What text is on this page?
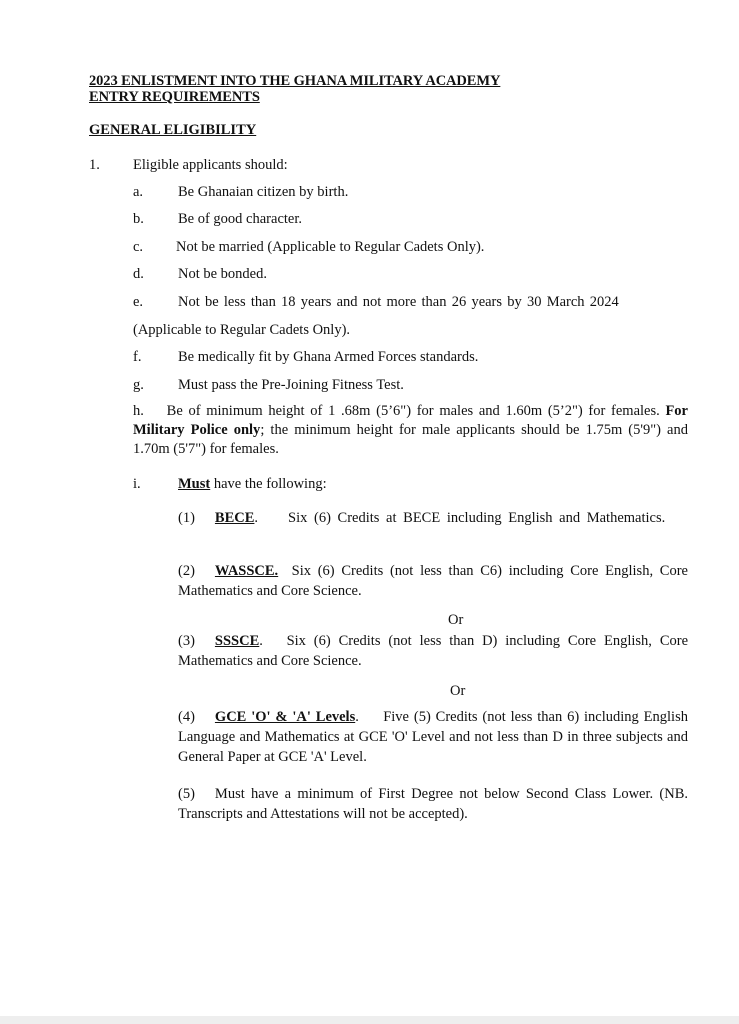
2023 ENLISTMENT INTO THE GHANA MILITARY ACADEMY
ENTRY REQUIREMENTS
GENERAL ELIGIBILITY
1. Eligible applicants should:
a. Be Ghanaian citizen by birth.
b. Be of good character.
c. Not be married (Applicable to Regular Cadets Only).
d. Not be bonded.
e. Not be less than 18 years and not more than 26 years by 30 March 2024
(Applicable to Regular Cadets Only).
f.	Be medically fit by Ghana Armed Forces standards.
g. Must pass the Pre-Joining Fitness Test.
h. Be of minimum height of 1 .68m (5’6") for males and 1.60m (5’2") for females. For Military Police only; the minimum height for male applicants should be 1.75m (5'9") and 1.70m (5'7") for females.
i.	Must have the following:
(1) BECE. Six (6) Credits at BECE including English and Mathematics.
(2) WASSCE. Six (6) Credits (not less than C6) including Core English, Core Mathematics and Core Science.
Or
(3) SSSCE. Six (6) Credits (not less than D) including Core English, Core Mathematics and Core Science.
Or
(4) GCE 'O' & 'A' Levels. Five (5) Credits (not less than 6) including English Language and Mathematics at GCE 'O' Level and not less than D in three subjects and General Paper at GCE 'A' Level.
(5) Must have a minimum of First Degree not below Second Class Lower. (NB. Transcripts and Attestations will not be accepted).
